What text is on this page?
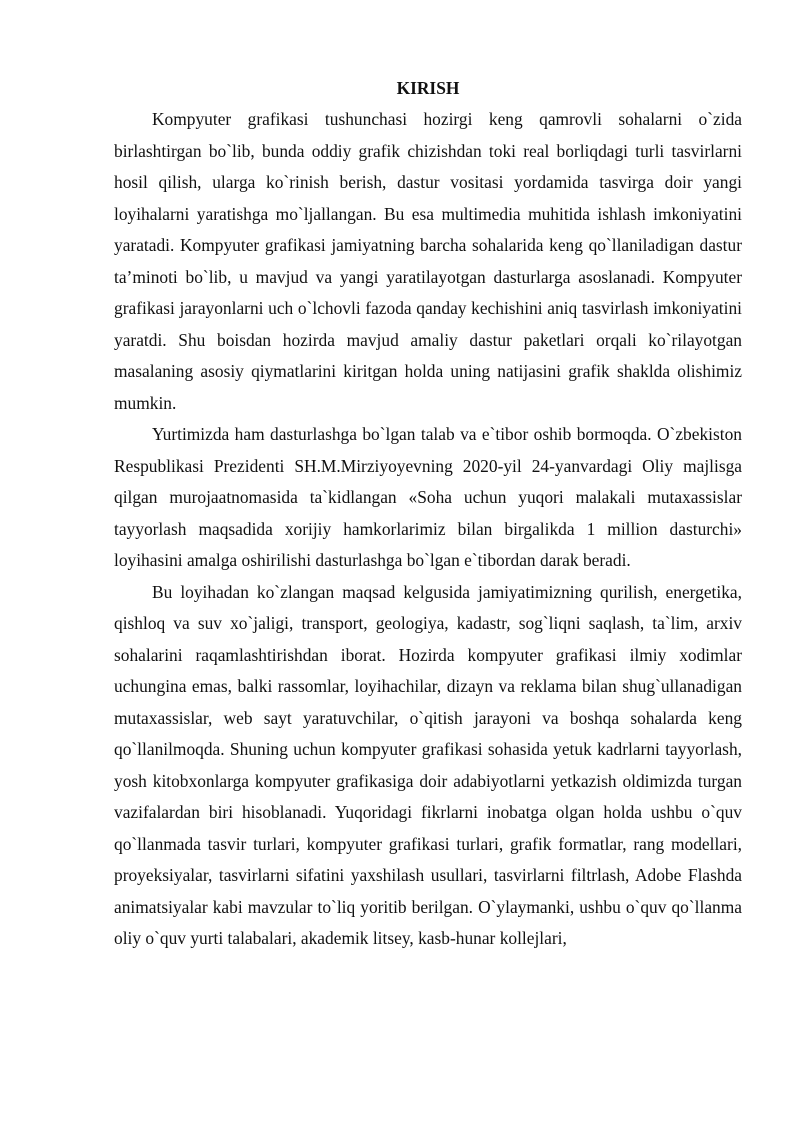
KIRISH

Kompyuter grafikasi tushunchasi hozirgi keng qamrovli sohalarni o`zida birlashtirgan bo`lib, bunda oddiy grafik chizishdan toki real borliqdagi turli tasvirlarni hosil qilish, ularga ko`rinish berish, dastur vositasi yordamida tasvirga doir yangi loyihalarni yaratishga mo`ljallangan. Bu esa multimedia muhitida ishlash imkoniyatini yaratadi. Kompyuter grafikasi jamiyatning barcha sohalarida keng qo`llaniladigan dastur ta’minoti bo`lib, u mavjud va yangi yaratilayotgan dasturlarga asoslanadi. Kompyuter grafikasi jarayonlarni uch o`lchovli fazoda qanday kechishini aniq tasvirlash imkoniyatini yaratdi. Shu boisdan hozirda mavjud amaliy dastur paketlari orqali ko`rilayotgan masalaning asosiy qiymatlarini kiritgan holda uning natijasini grafik shaklda olishimiz mumkin.

Yurtimizda ham dasturlashga bo`lgan talab va e`tibor oshib bormoqda. O`zbekiston Respublikasi Prezidenti SH.M.Mirziyoyevning 2020-yil 24-yanvardagi Oliy majlisga qilgan murojaatnomasida ta`kidlangan «Soha uchun yuqori malakali mutaxassislar tayyorlash maqsadida xorijiy hamkorlarimiz bilan birgalikda 1 million dasturchi» loyihasini amalga oshirilishi dasturlashga bo`lgan e`tibordan darak beradi.

Bu loyihadan ko`zlangan maqsad kelgusida jamiyatimizning qurilish, energetika, qishloq va suv xo`jaligi, transport, geologiya, kadastr, sog`liqni saqlash, ta`lim, arxiv sohalarini raqamlashtirishdan iborat. Hozirda kompyuter grafikasi ilmiy xodimlar uchungina emas, balki rassomlar, loyihachilar, dizayn va reklama bilan shug`ullanadigan mutaxassislar, web sayt yaratuvchilar, o`qitish jarayoni va boshqa sohalarda keng qo`llanilmoqda. Shuning uchun kompyuter grafikasi sohasida yetuk kadrlarni tayyorlash, yosh kitobxonlarga kompyuter grafikasiga doir adabiyotlarni yetkazish oldimizda turgan vazifalardan biri hisoblanadi. Yuqoridagi fikrlarni inobatga olgan holda ushbu o`quv qo`llanmada tasvir turlari, kompyuter grafikasi turlari, grafik formatlar, rang modellari, proyeksiyalar, tasvirlarni sifatini yaxshilash usullari, tasvirlarni filtrlash, Adobe Flashda animatsiyalar kabi mavzular to`liq yoritib berilgan. O`ylaymanki, ushbu o`quv qo`llanma oliy o`quv yurti talabalari, akademik litsey, kasb-hunar kollejlari,
